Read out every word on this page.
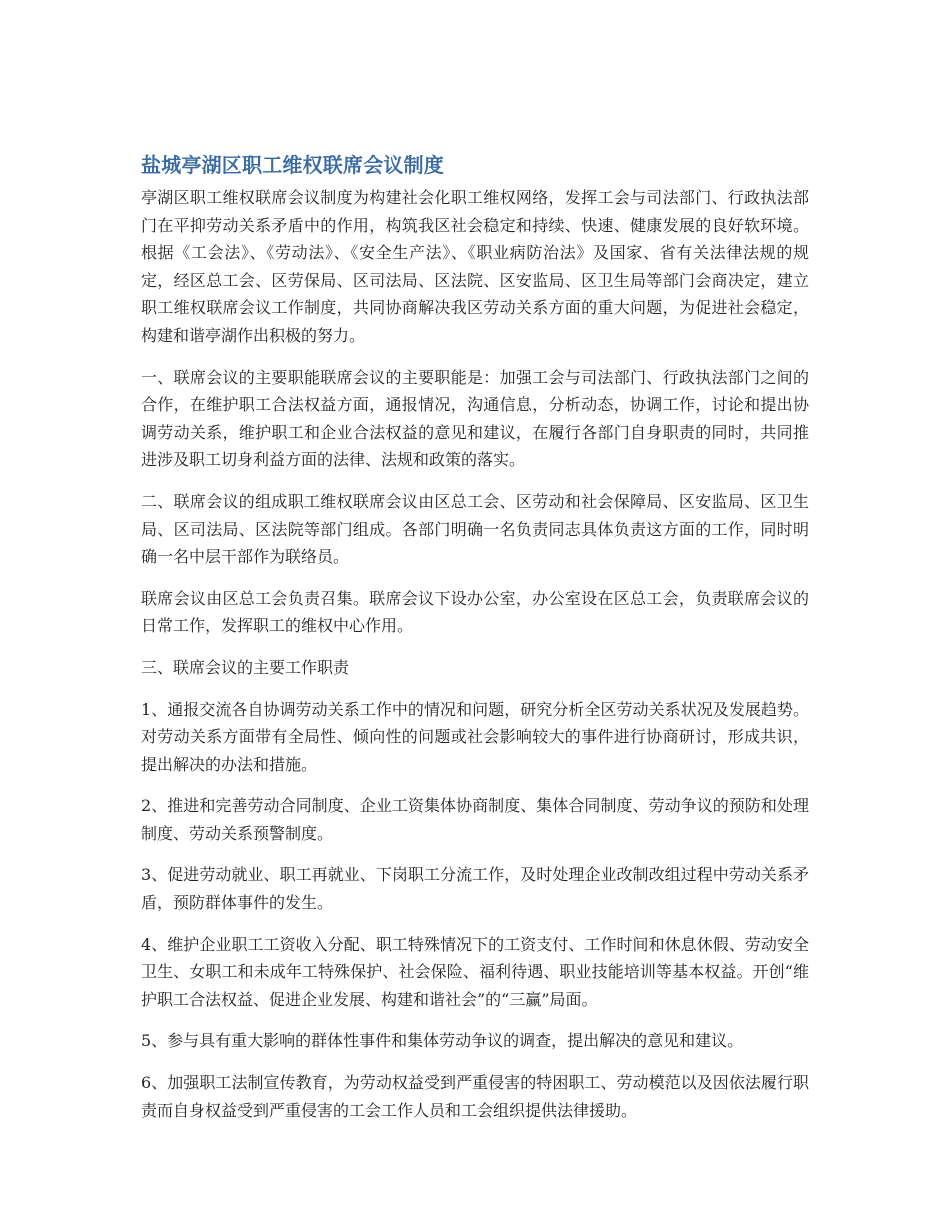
盐城亭湖区职工维权联席会议制度

亭湖区职工维权联席会议制度为构建社会化职工维权网络，发挥工会与司法部门、行政执法部门在平抑劳动关系矛盾中的作用，构筑我区社会稳定和持续、快速、健康发展的良好软环境。根据《工会法》、《劳动法》、《安全生产法》、《职业病防治法》及国家、省有关法律法规的规定，经区总工会、区劳保局、区司法局、区法院、区安监局、区卫生局等部门会商决定，建立职工维权联席会议工作制度，共同协商解决我区劳动关系方面的重大问题，为促进社会稳定，构建和谐亭湖作出积极的努力。

一、联席会议的主要职能联席会议的主要职能是：加强工会与司法部门、行政执法部门之间的合作，在维护职工合法权益方面，通报情况，沟通信息，分析动态，协调工作，讨论和提出协调劳动关系，维护职工和企业合法权益的意见和建议，在履行各部门自身职责的同时，共同推进涉及职工切身利益方面的法律、法规和政策的落实。

二、联席会议的组成职工维权联席会议由区总工会、区劳动和社会保障局、区安监局、区卫生局、区司法局、区法院等部门组成。各部门明确一名负责同志具体负责这方面的工作，同时明确一名中层干部作为联络员。

联席会议由区总工会负责召集。联席会议下设办公室，办公室设在区总工会，负责联席会议的日常工作，发挥职工的维权中心作用。

三、联席会议的主要工作职责

1、通报交流各自协调劳动关系工作中的情况和问题，研究分析全区劳动关系状况及发展趋势。对劳动关系方面带有全局性、倾向性的问题或社会影响较大的事件进行协商研讨，形成共识，提出解决的办法和措施。

2、推进和完善劳动合同制度、企业工资集体协商制度、集体合同制度、劳动争议的预防和处理制度、劳动关系预警制度。

3、促进劳动就业、职工再就业、下岗职工分流工作，及时处理企业改制改组过程中劳动关系矛盾，预防群体事件的发生。

4、维护企业职工工资收入分配、职工特殊情况下的工资支付、工作时间和休息休假、劳动安全卫生、女职工和未成年工特殊保护、社会保险、福利待遇、职业技能培训等基本权益。开创“维护职工合法权益、促进企业发展、构建和谐社会”的“三赢”局面。

5、参与具有重大影响的群体性事件和集体劳动争议的调查，提出解决的意见和建议。

6、加强职工法制宣传教育，为劳动权益受到严重侵害的特困职工、劳动模范以及因依法履行职责而自身权益受到严重侵害的工会工作人员和工会组织提供法律援助。
